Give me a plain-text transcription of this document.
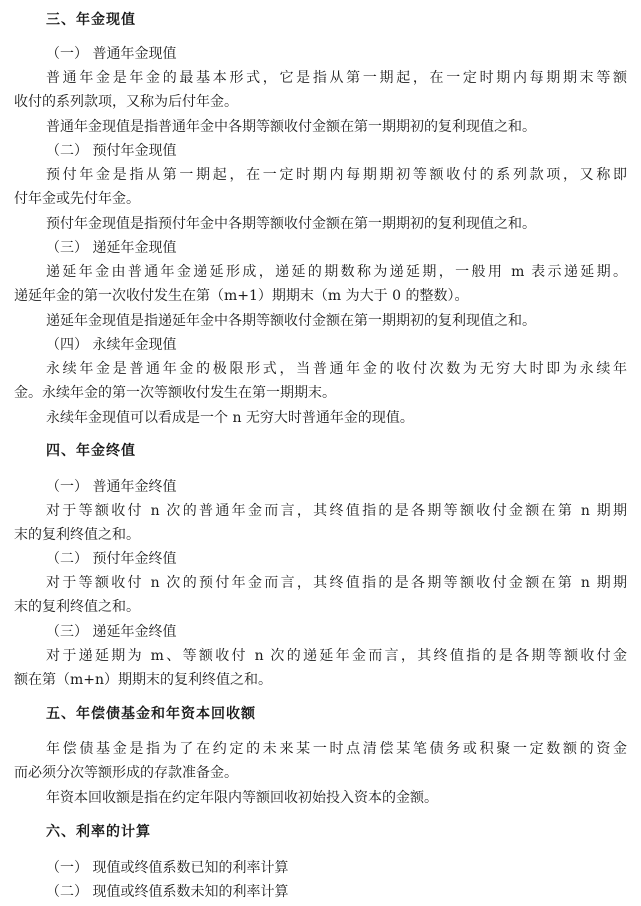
三、年金现值
（一） 普通年金现值
普通年金是年金的最基本形式，它是指从第一期起，在一定时期内每期期末等额
收付的系列款项，又称为后付年金。
普通年金现值是指普通年金中各期等额收付金额在第一期期初的复利现值之和。
（二） 预付年金现值
预付年金是指从第一期起，在一定时期内每期期初等额收付的系列款项，又称即
付年金或先付年金。
预付年金现值是指预付年金中各期等额收付金额在第一期期初的复利现值之和。
（三） 递延年金现值
递延年金由普通年金递延形成，递延的期数称为递延期，一般用 m 表示递延期。
递延年金的第一次收付发生在第（m+1）期期末（m 为大于 0 的整数）。
递延年金现值是指递延年金中各期等额收付金额在第一期期初的复利现值之和。
（四） 永续年金现值
永续年金是普通年金的极限形式，当普通年金的收付次数为无穷大时即为永续年
金。永续年金的第一次等额收付发生在第一期期末。
永续年金现值可以看成是一个 n 无穷大时普通年金的现值。
四、年金终值
（一） 普通年金终值
对于等额收付 n 次的普通年金而言，其终值指的是各期等额收付金额在第 n 期期
末的复利终值之和。
（二） 预付年金终值
对于等额收付 n 次的预付年金而言，其终值指的是各期等额收付金额在第 n 期期
末的复利终值之和。
（三） 递延年金终值
对于递延期为 m、等额收付 n 次的递延年金而言，其终值指的是各期等额收付金
额在第（m+n）期期末的复利终值之和。
五、年偿债基金和年资本回收额
年偿债基金是指为了在约定的未来某一时点清偿某笔债务或积聚一定数额的资金
而必须分次等额形成的存款准备金。
年资本回收额是指在约定年限内等额回收初始投入资本的金额。
六、利率的计算
（一） 现值或终值系数已知的利率计算
（二） 现值或终值系数未知的利率计算
